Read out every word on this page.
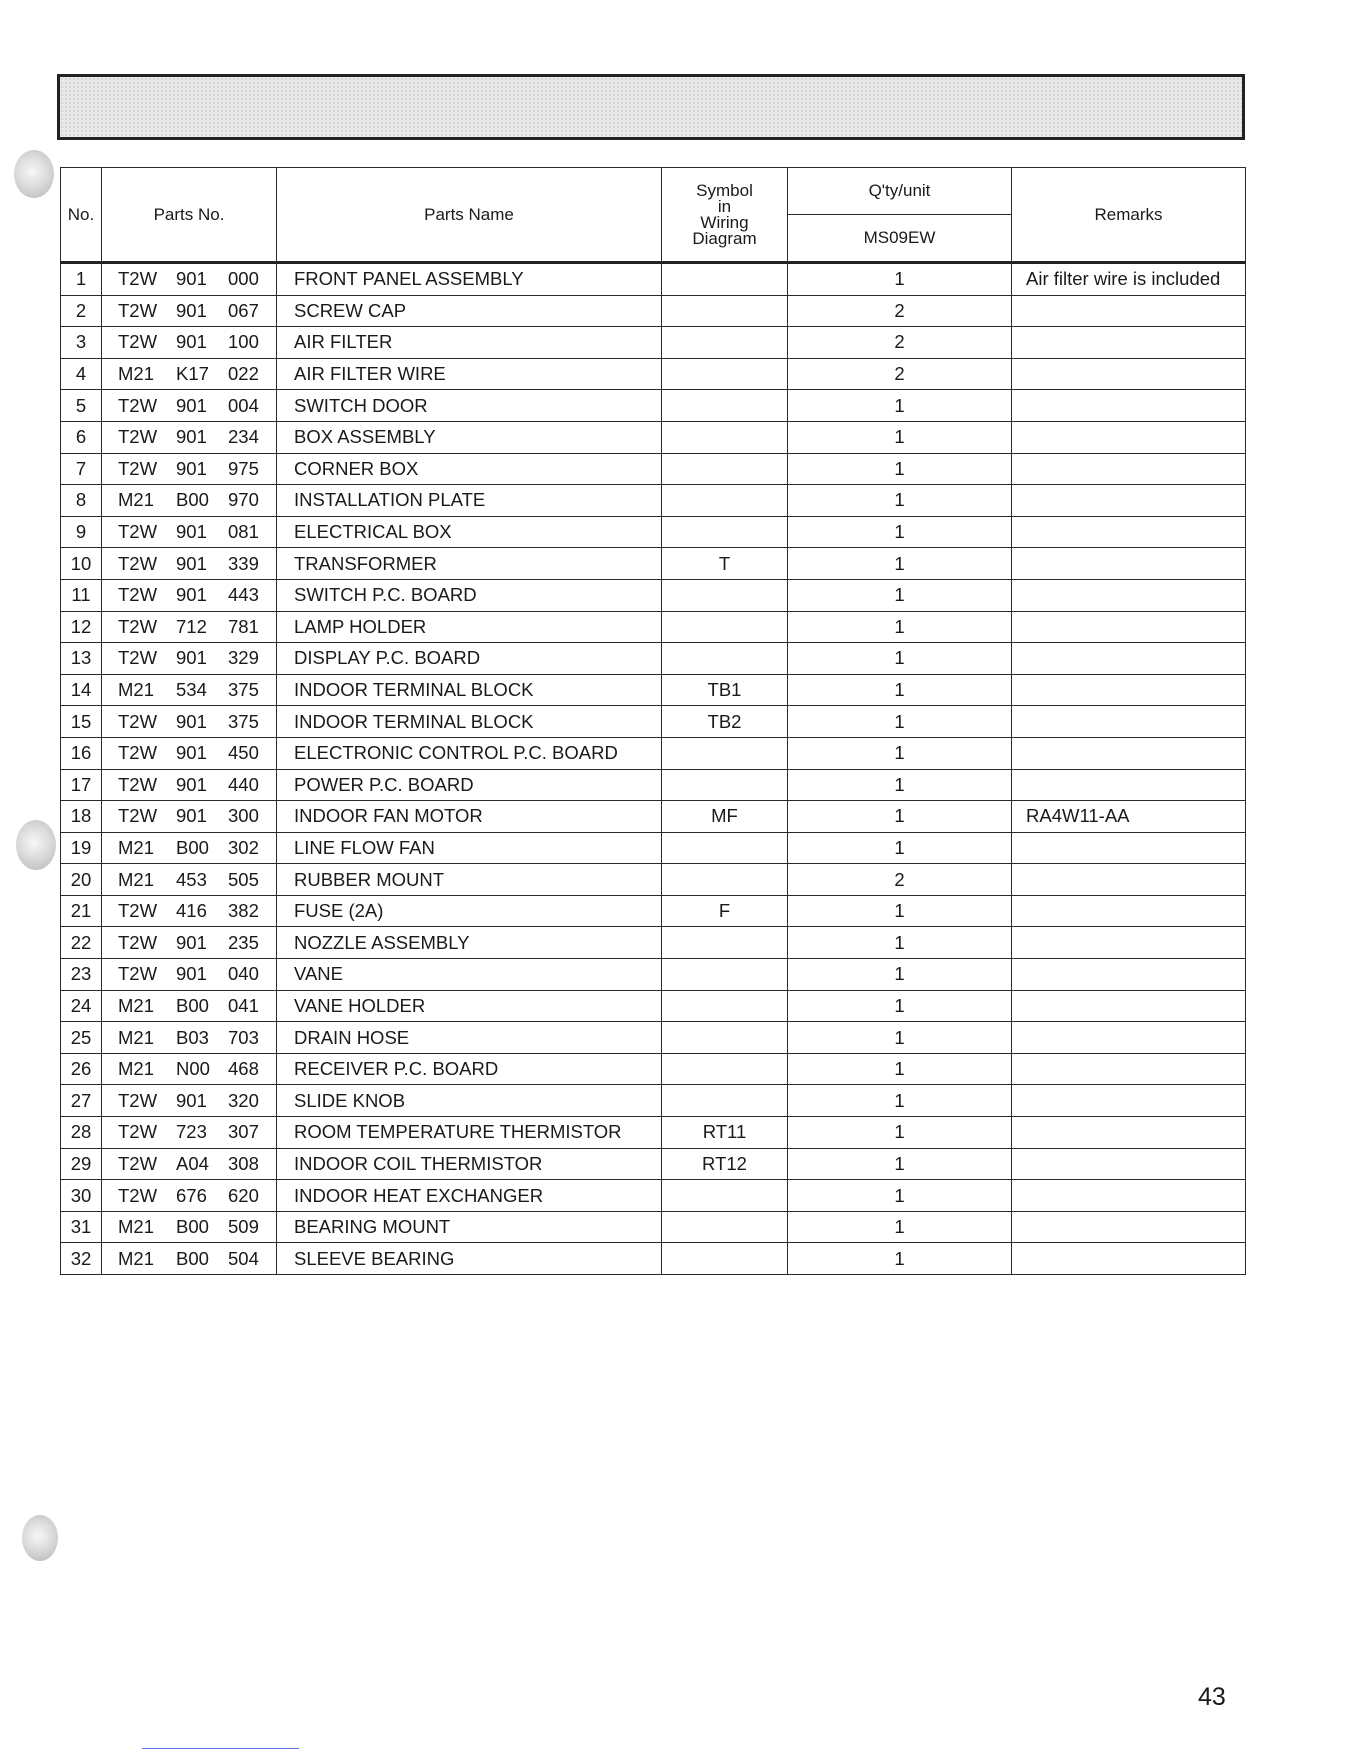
No.	Parts No.	Parts Name	Symbol
in
Wiring
Diagram	Q'ty/unit	Remarks
				MS09EW	
1	T2W 901 000	FRONT PANEL ASSEMBLY		1	Air filter wire is included
2	T2W 901 067	SCREW CAP		2	
3	T2W 901 100	AIR FILTER		2	
4	M21 K17 022	AIR FILTER WIRE		2	
5	T2W 901 004	SWITCH DOOR		1	
6	T2W 901 234	BOX ASSEMBLY		1	
7	T2W 901 975	CORNER BOX		1	
8	M21 B00 970	INSTALLATION PLATE		1	
9	T2W 901 081	ELECTRICAL BOX		1	
10	T2W 901 339	TRANSFORMER	T	1	
11	T2W 901 443	SWITCH P.C. BOARD		1	
12	T2W 712 781	LAMP HOLDER		1	
13	T2W 901 329	DISPLAY P.C. BOARD		1	
14	M21 534 375	INDOOR TERMINAL BLOCK	TB1	1	
15	T2W 901 375	INDOOR TERMINAL BLOCK	TB2	1	
16	T2W 901 450	ELECTRONIC CONTROL P.C. BOARD		1	
17	T2W 901 440	POWER P.C. BOARD		1	
18	T2W 901 300	INDOOR FAN MOTOR	MF	1	RA4W11-AA
19	M21 B00 302	LINE FLOW FAN		1	
20	M21 453 505	RUBBER MOUNT		2	
21	T2W 416 382	FUSE (2A)	F	1	
22	T2W 901 235	NOZZLE ASSEMBLY		1	
23	T2W 901 040	VANE		1	
24	M21 B00 041	VANE HOLDER		1	
25	M21 B03 703	DRAIN HOSE		1	
26	M21 N00 468	RECEIVER P.C. BOARD		1	
27	T2W 901 320	SLIDE KNOB		1	
28	T2W 723 307	ROOM TEMPERATURE THERMISTOR	RT11	1	
29	T2W A04 308	INDOOR COIL THERMISTOR	RT12	1	
30	T2W 676 620	INDOOR HEAT EXCHANGER		1	
31	M21 B00 509	BEARING MOUNT		1	
32	M21 B00 504	SLEEVE BEARING		1	
43
